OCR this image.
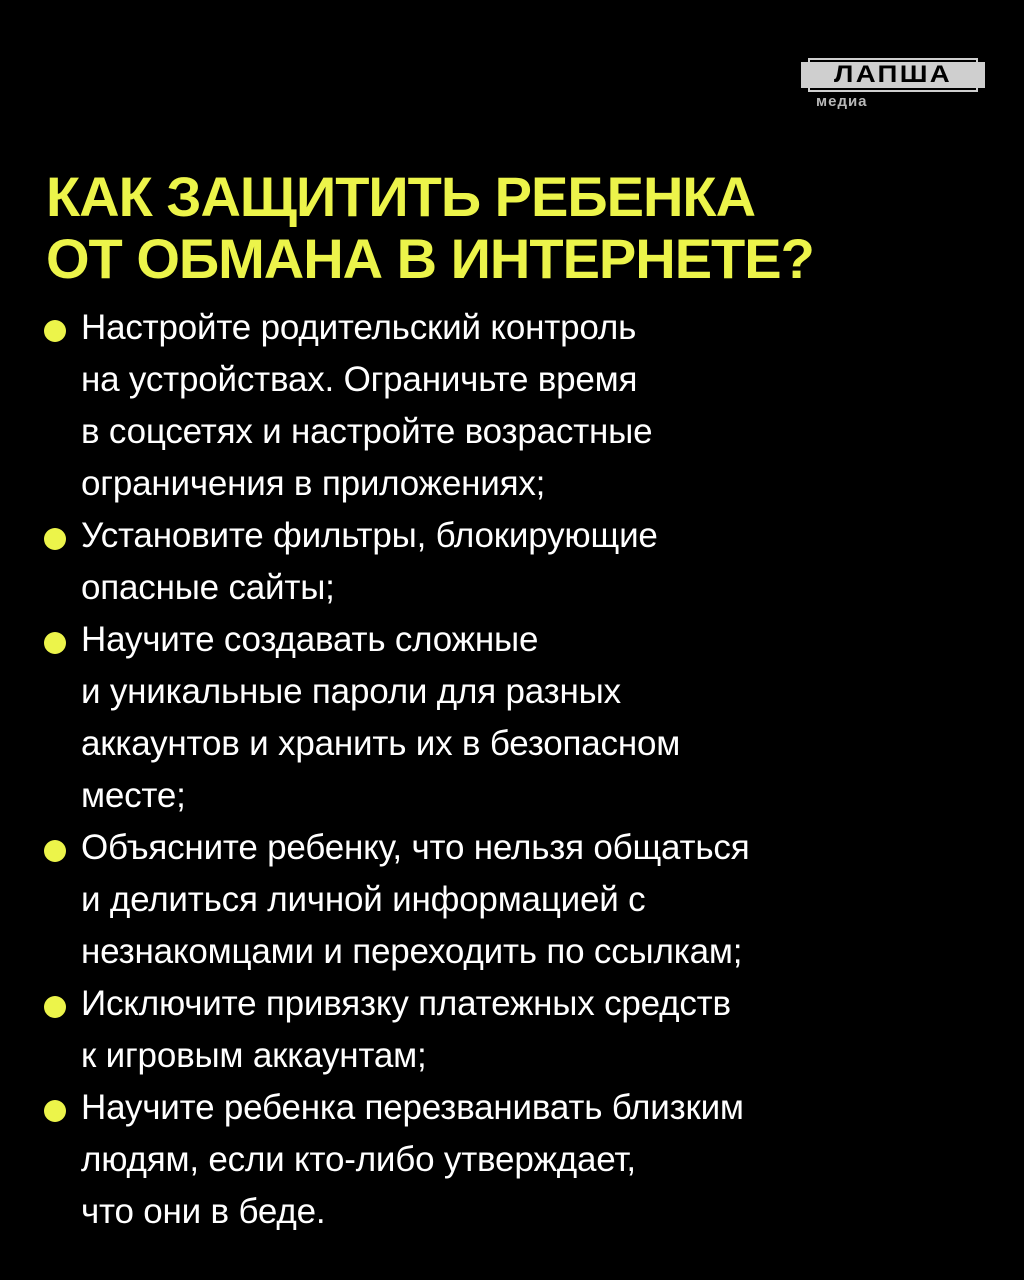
ЛАПША
медиа
КАК ЗАЩИТИТЬ РЕБЕНКА
ОТ ОБМАНА В ИНТЕРНЕТЕ?
Настройте родительский контроль
на устройствах. Ограничьте время
в соцсетях и настройте возрастные
ограничения в приложениях;
Установите фильтры, блокирующие
опасные сайты;
Научите создавать сложные
и уникальные пароли для разных
аккаунтов и хранить их в безопасном
месте;
Объясните ребенку, что нельзя общаться
и делиться личной информацией с
незнакомцами и переходить по ссылкам;
Исключите привязку платежных средств
к игровым аккаунтам;
Научите ребенка перезванивать близким
людям, если кто-либо утверждает,
что они в беде.
